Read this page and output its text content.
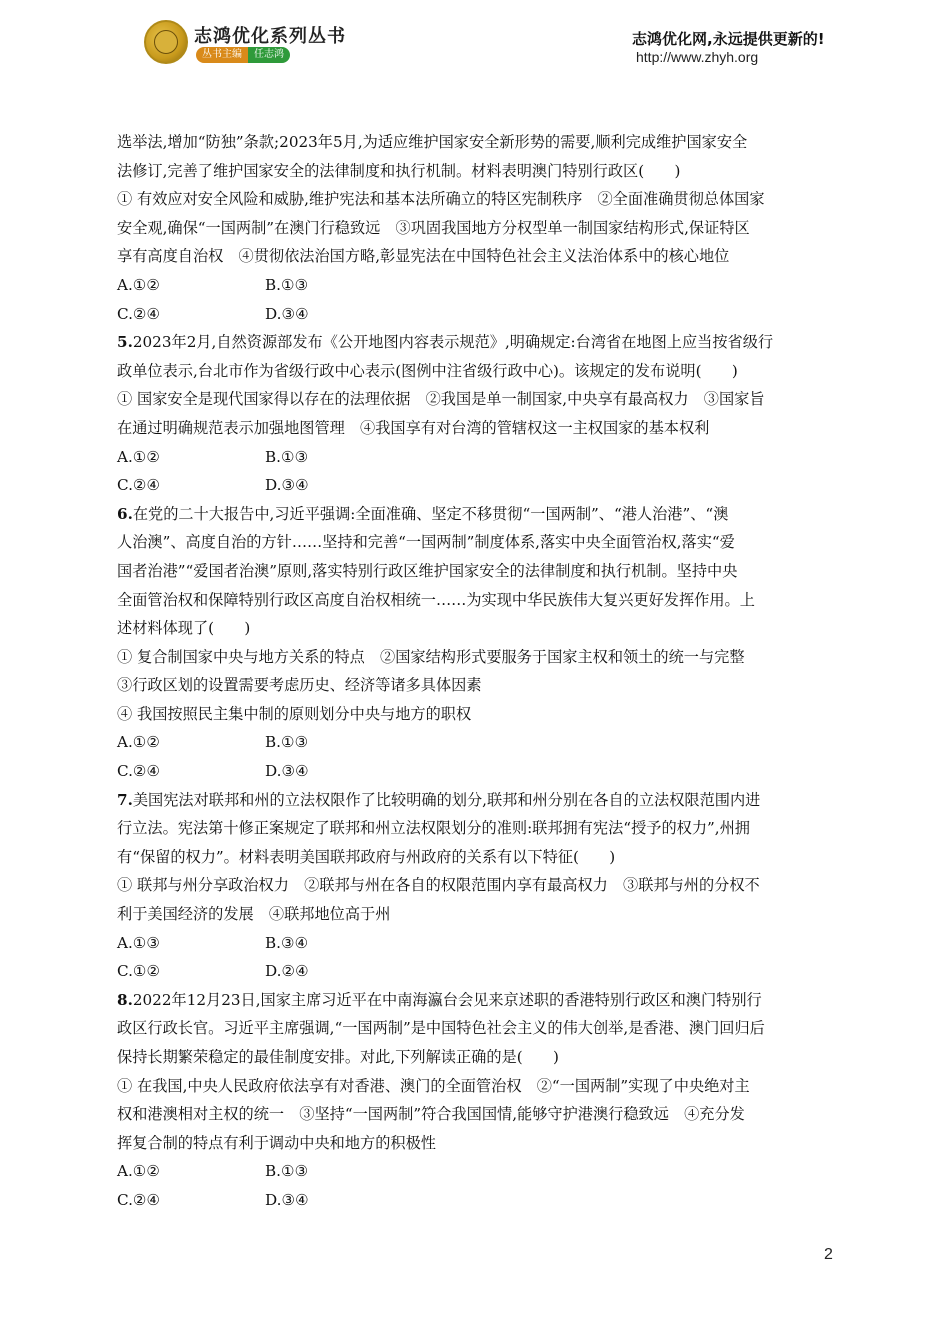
志鸿优化系列丛书
丛书主编	任志鸿
志鸿优化网,永远提供更新的!
http://www.zhyh.org

选举法,增加“防独”条款;2023年5月,为适应维护国家安全新形势的需要,顺利完成维护国家安全

法修订,完善了维护国家安全的法律制度和执行机制。材料表明澳门特别行政区(　　)

① 有效应对安全风险和威胁,维护宪法和基本法所确立的特区宪制秩序　②全面准确贯彻总体国家

安全观,确保“一国两制”在澳门行稳致远　③巩固我国地方分权型单一制国家结构形式,保证特区

享有高度自治权　④贯彻依法治国方略,彰显宪法在中国特色社会主义法治体系中的核心地位

A.①②	B.①③
C.②④	D.③④

5.2023年2月,自然资源部发布《公开地图内容表示规范》,明确规定:台湾省在地图上应当按省级行

政单位表示,台北市作为省级行政中心表示(图例中注省级行政中心)。该规定的发布说明(　　)

① 国家安全是现代国家得以存在的法理依据　②我国是单一制国家,中央享有最高权力　③国家旨

在通过明确规范表示加强地图管理　④我国享有对台湾的管辖权这一主权国家的基本权利

A.①②	B.①③
C.②④	D.③④

6.在党的二十大报告中,习近平强调:全面准确、坚定不移贯彻“一国两制”、“港人治港”、“澳

人治澳”、高度自治的方针……坚持和完善“一国两制”制度体系,落实中央全面管治权,落实“爱

国者治港”“爱国者治澳”原则,落实特别行政区维护国家安全的法律制度和执行机制。坚持中央

全面管治权和保障特别行政区高度自治权相统一……为实现中华民族伟大复兴更好发挥作用。上

述材料体现了(　　)

① 复合制国家中央与地方关系的特点　②国家结构形式要服务于国家主权和领土的统一与完整

③行政区划的设置需要考虑历史、经济等诸多具体因素

④ 我国按照民主集中制的原则划分中央与地方的职权

A.①②	B.①③
C.②④	D.③④

7.美国宪法对联邦和州的立法权限作了比较明确的划分,联邦和州分别在各自的立法权限范围内进

行立法。宪法第十修正案规定了联邦和州立法权限划分的准则:联邦拥有宪法“授予的权力”,州拥

有“保留的权力”。材料表明美国联邦政府与州政府的关系有以下特征(　　)

① 联邦与州分享政治权力　②联邦与州在各自的权限范围内享有最高权力　③联邦与州的分权不

利于美国经济的发展　④联邦地位高于州

A.①③	B.③④
C.①②	D.②④

8.2022年12月23日,国家主席习近平在中南海瀛台会见来京述职的香港特别行政区和澳门特别行

政区行政长官。习近平主席强调,“一国两制”是中国特色社会主义的伟大创举,是香港、澳门回归后

保持长期繁荣稳定的最佳制度安排。对此,下列解读正确的是(　　)

① 在我国,中央人民政府依法享有对香港、澳门的全面管治权　②“一国两制”实现了中央绝对主

权和港澳相对主权的统一　③坚持“一国两制”符合我国国情,能够守护港澳行稳致远　④充分发

挥复合制的特点有利于调动中央和地方的积极性

A.①②	B.①③
C.②④	D.③④
2
